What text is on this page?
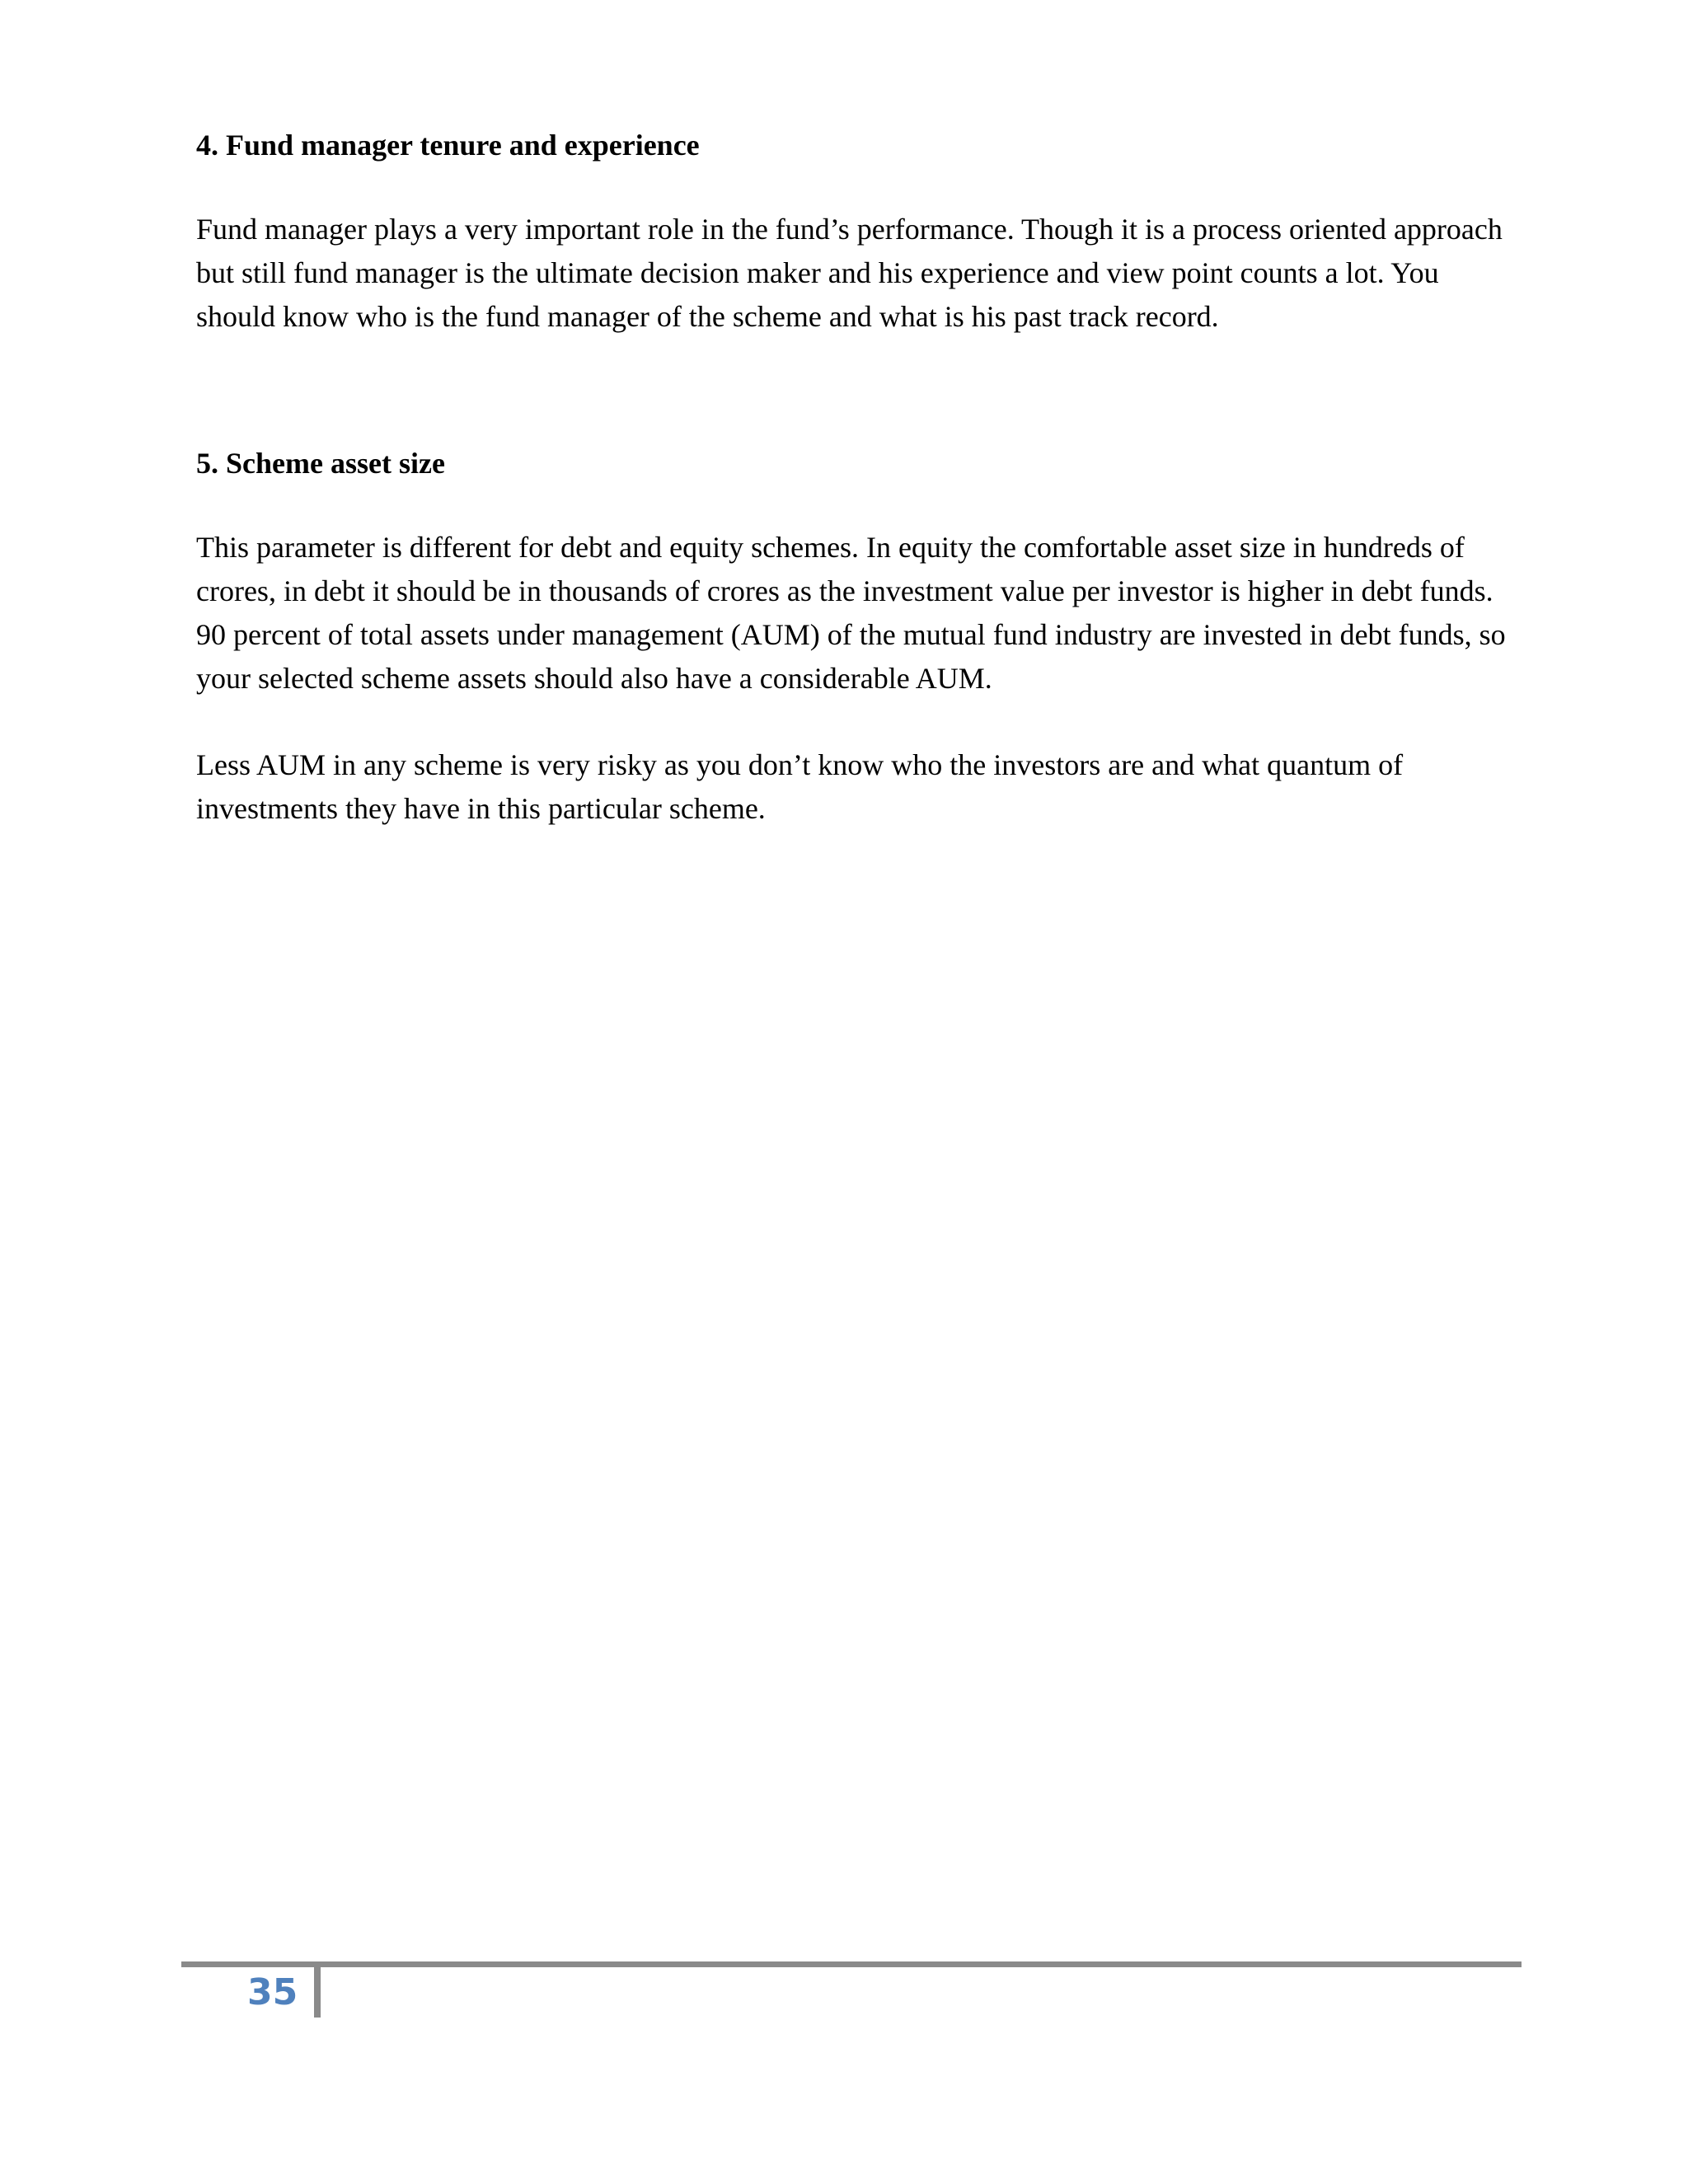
4. Fund manager tenure and experience

Fund manager plays a very important role in the fund’s performance. Though it is a process oriented approach but still fund manager is the ultimate decision maker and his experience and view point counts a lot. You should know who is the fund manager of the scheme and what is his past track record.

5. Scheme asset size

This parameter is different for debt and equity schemes. In equity the comfortable asset size in hundreds of crores, in debt it should be in thousands of crores as the investment value per investor is higher in debt funds. 90 percent of total assets under management (AUM) of the mutual fund industry are invested in debt funds, so your selected scheme assets should also have a considerable AUM.

Less AUM in any scheme is very risky as you don’t know who the investors are and what quantum of investments they have in this particular scheme.

35
